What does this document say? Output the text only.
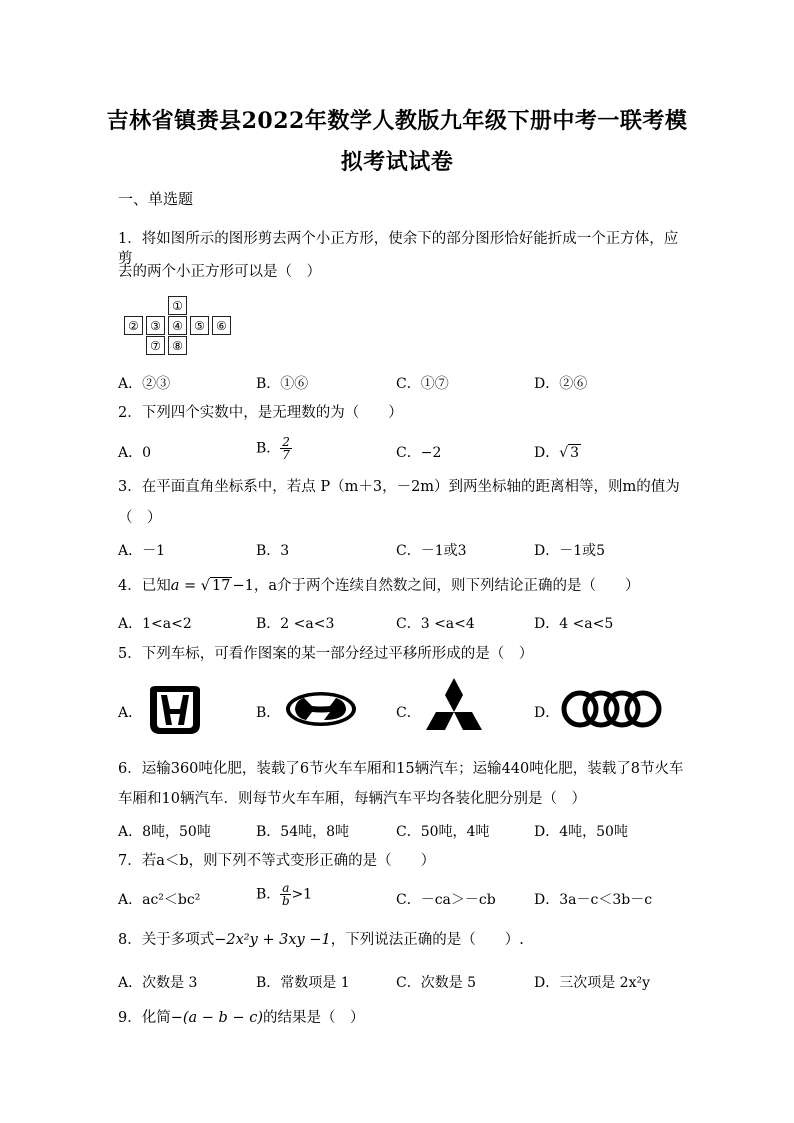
吉林省镇赉县2022年数学人教版九年级下册中考一联考模
拟考试试卷
一、单选题
1．将如图所示的图形剪去两个小正方形，使余下的部分图形恰好能折成一个正方体，应剪
去的两个小正方形可以是（　）
①
② ③ ④ ⑤ ⑥
⑦ ⑧
A．②③	B．①⑥	C．①⑦	D．②⑥
2．下列四个实数中，是无理数的为（　　）
A．0	B． $\frac{2}{7}$	C．−2	D．√ 3
3．在平面直角坐标系中，若点 P（m＋3，－2m）到两坐标轴的距离相等，则m的值为
（　）
A．－1	B．3	C．－1或3	D．－1或5
4．已知a = √ 17 −1，a介于两个连续自然数之间，则下列结论正确的是（　　）
A．1<a<2	B．2 <a<3	C．3 <a<4	D．4 <a<5
5．下列车标，可看作图案的某一部分经过平移所形成的是（　）
A．	B．	C．	D．
6．运输360吨化肥，装载了6节火车车厢和15辆汽车；运输440吨化肥，装载了8节火车
车厢和10辆汽车．则每节火车车厢，每辆汽车平均各装化肥分别是（　）
A．8吨，50吨	B．54吨，8吨	C．50吨，4吨	D．4吨，50吨
7．若a＜b，则下列不等式变形正确的是（　　）
A．ac²＜bc²	B． $\frac{a}{b} >1$	C．－ca＞－cb	D．3a－c＜3b－c
8．关于多项式−2x²y + 3xy −1，下列说法正确的是（　　）.
A．次数是 3	B．常数项是 1	C．次数是 5	D．三次项是 2x²y
9．化简−(a − b − c)的结果是（　）
